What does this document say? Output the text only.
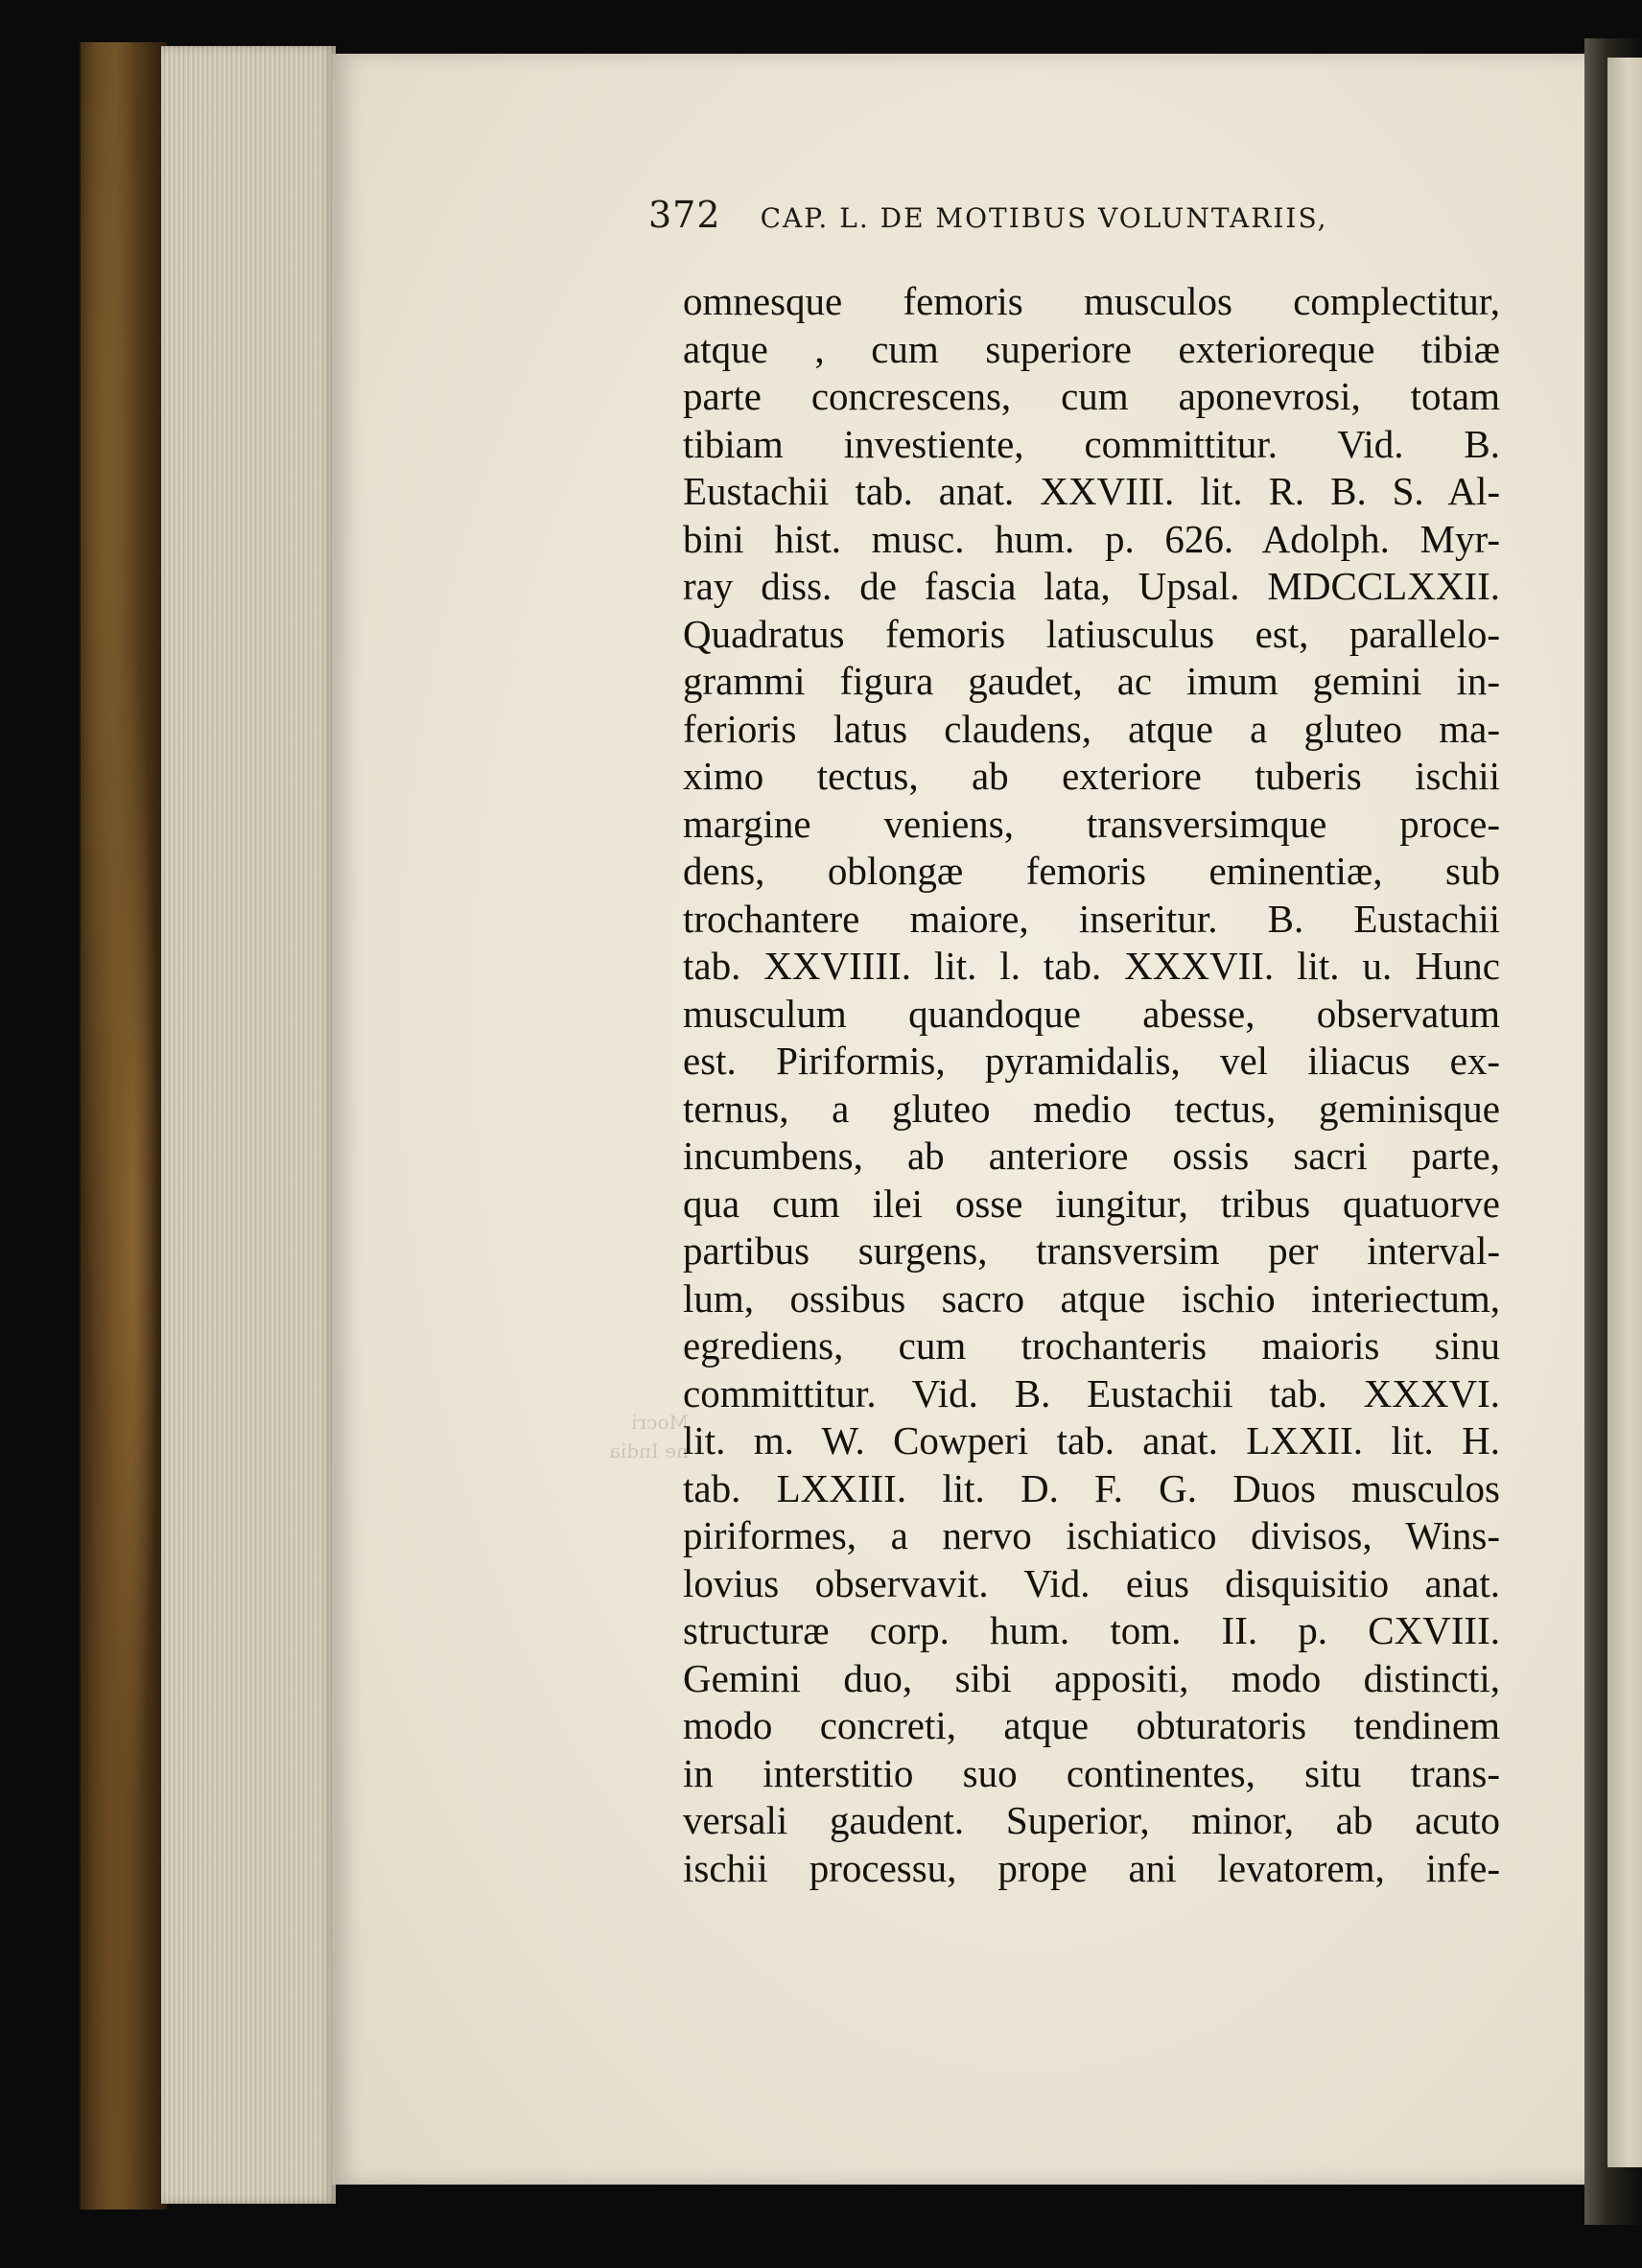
Mocri
ne India
372 CAP. L. DE MOTIBUS VOLUNTARIIS,
omnesque femoris musculos complectitur,
atque , cum superiore exterioreque tibiæ
parte concrescens, cum aponevrosi, totam
tibiam investiente, committitur. Vid. B.
Eustachii tab. anat. XXVIII. lit. R. B. S. Al-
bini hist. musc. hum. p. 626. Adolph. Myr-
ray diss. de fascia lata, Upsal. MDCCLXXII.
Quadratus femoris latiusculus est, parallelo-
grammi figura gaudet, ac imum gemini in-
ferioris latus claudens, atque a gluteo ma-
ximo tectus, ab exteriore tuberis ischii
margine veniens, transversimque proce-
dens, oblongæ femoris eminentiæ, sub
trochantere maiore, inseritur. B. Eustachii
tab. XXVIIII. lit. l. tab. XXXVII. lit. u. Hunc
musculum quandoque abesse, observatum
est. Piriformis, pyramidalis, vel iliacus ex-
ternus, a gluteo medio tectus, geminisque
incumbens, ab anteriore ossis sacri parte,
qua cum ilei osse iungitur, tribus quatuorve
partibus surgens, transversim per interval-
lum, ossibus sacro atque ischio interiectum,
egrediens, cum trochanteris maioris sinu
committitur. Vid. B. Eustachii tab. XXXVI.
lit. m. W. Cowperi tab. anat. LXXII. lit. H.
tab. LXXIII. lit. D. F. G. Duos musculos
piriformes, a nervo ischiatico divisos, Wins-
lovius observavit. Vid. eius disquisitio anat.
structuræ corp. hum. tom. II. p. CXVIII.
Gemini duo, sibi appositi, modo distincti,
modo concreti, atque obturatoris tendinem
in interstitio suo continentes, situ trans-
versali gaudent. Superior, minor, ab acuto
ischii processu, prope ani levatorem, infe-
